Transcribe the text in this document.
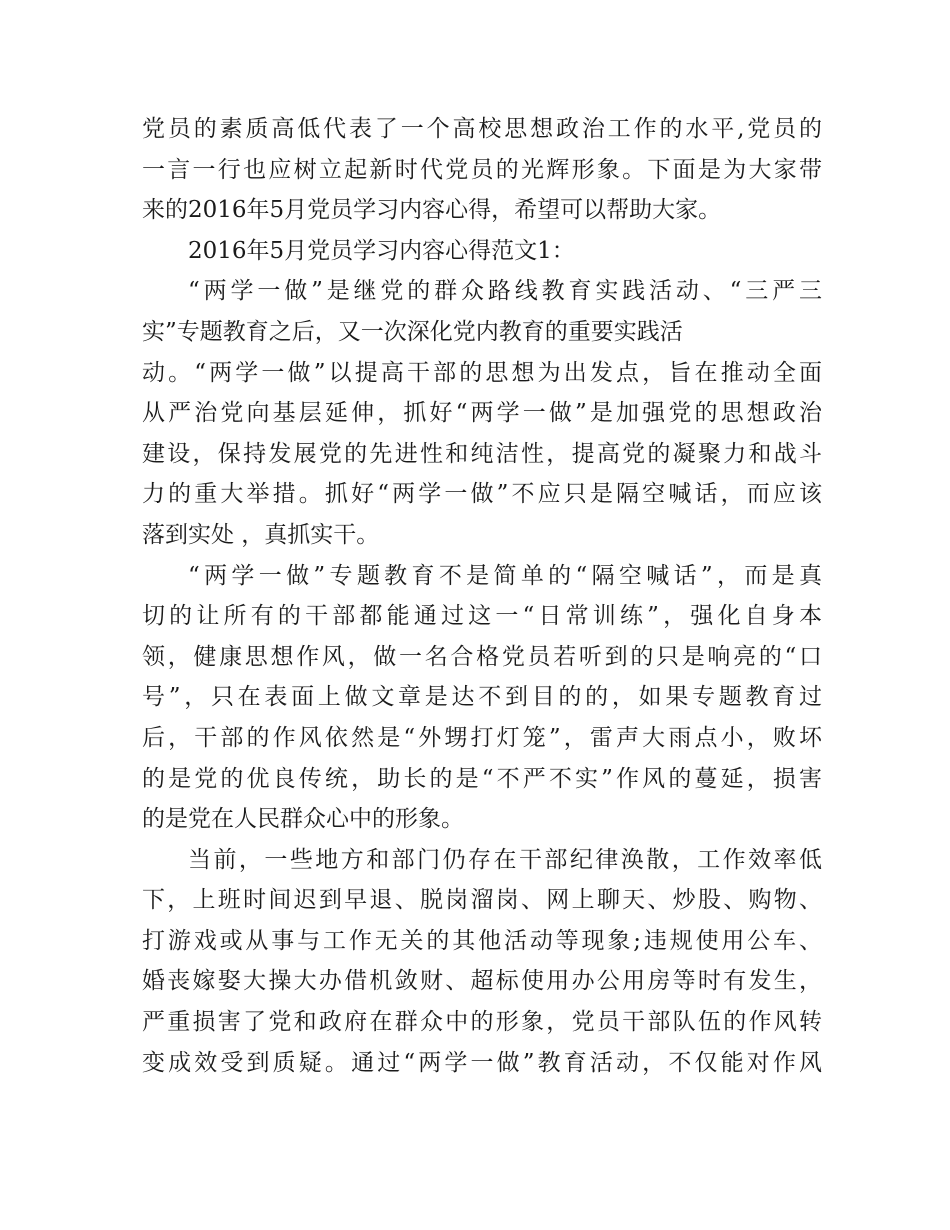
党员的素质高低代表了一个高校思想政治工作的水平,党员的
一言一行也应树立起新时代党员的光辉形象。下面是为大家带
来的2016年5月党员学习内容心得，希望可以帮助大家。
2016年5月党员学习内容心得范文1：
“两学一做”是继党的群众路线教育实践活动、“三严三
实”专题教育之后，又一次深化党内教育的重要实践活
动。“两学一做”以提高干部的思想为出发点，旨在推动全面
从严治党向基层延伸，抓好“两学一做”是加强党的思想政治
建设，保持发展党的先进性和纯洁性，提高党的凝聚力和战斗
力的重大举措。抓好“两学一做”不应只是隔空喊话，而应该
落到实处 ，真抓实干。
“两学一做”专题教育不是简单的“隔空喊话”，而是真
切的让所有的干部都能通过这一“日常训练”，强化自身本
领，健康思想作风，做一名合格党员若听到的只是响亮的“口
号”，只在表面上做文章是达不到目的的，如果专题教育过
后，干部的作风依然是“外甥打灯笼”，雷声大雨点小，败坏
的是党的优良传统，助长的是“不严不实”作风的蔓延，损害
的是党在人民群众心中的形象。
当前，一些地方和部门仍存在干部纪律涣散，工作效率低
下，上班时间迟到早退、脱岗溜岗、网上聊天、炒股、购物、
打游戏或从事与工作无关的其他活动等现象;违规使用公车、
婚丧嫁娶大操大办借机敛财、超标使用办公用房等时有发生，
严重损害了党和政府在群众中的形象，党员干部队伍的作风转
变成效受到质疑。通过“两学一做”教育活动，不仅能对作风
